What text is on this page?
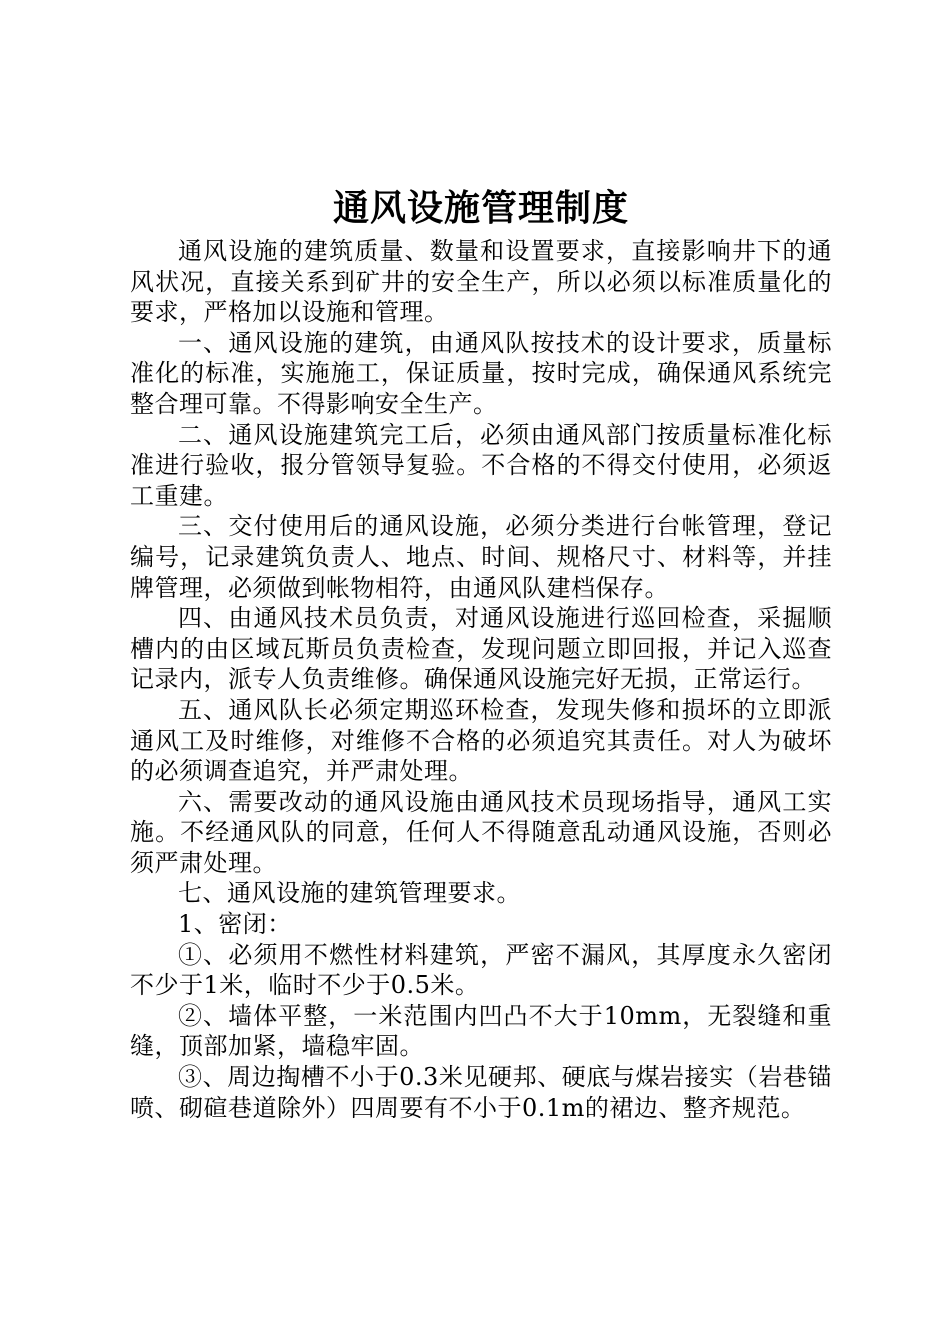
通风设施管理制度

通风设施的建筑质量、数量和设置要求，直接影响井下的通风状况，直接关系到矿井的安全生产，所以必须以标准质量化的要求，严格加以设施和管理。

一、通风设施的建筑，由通风队按技术的设计要求，质量标准化的标准，实施施工，保证质量，按时完成，确保通风系统完整合理可靠。不得影响安全生产。

二、通风设施建筑完工后，必须由通风部门按质量标准化标准进行验收，报分管领导复验。不合格的不得交付使用，必须返工重建。

三、交付使用后的通风设施，必须分类进行台帐管理，登记编号，记录建筑负责人、地点、时间、规格尺寸、材料等，并挂牌管理，必须做到帐物相符，由通风队建档保存。

四、由通风技术员负责，对通风设施进行巡回检查，采掘顺槽内的由区域瓦斯员负责检查，发现问题立即回报，并记入巡查记录内，派专人负责维修。确保通风设施完好无损，正常运行。

五、通风队长必须定期巡环检查，发现失修和损坏的立即派通风工及时维修，对维修不合格的必须追究其责任。对人为破坏的必须调查追究，并严肃处理。

六、需要改动的通风设施由通风技术员现场指导，通风工实施。不经通风队的同意，任何人不得随意乱动通风设施，否则必须严肃处理。

七、通风设施的建筑管理要求。

1、密闭：

①、必须用不燃性材料建筑，严密不漏风，其厚度永久密闭不少于1米，临时不少于0.5米。

②、墙体平整，一米范围内凹凸不大于10mm，无裂缝和重缝，顶部加紧，墙稳牢固。

③、周边掏槽不小于0.3米见硬邦、硬底与煤岩接实（岩巷锚喷、砌碹巷道除外）四周要有不小于0.1m的裙边、整齐规范。
